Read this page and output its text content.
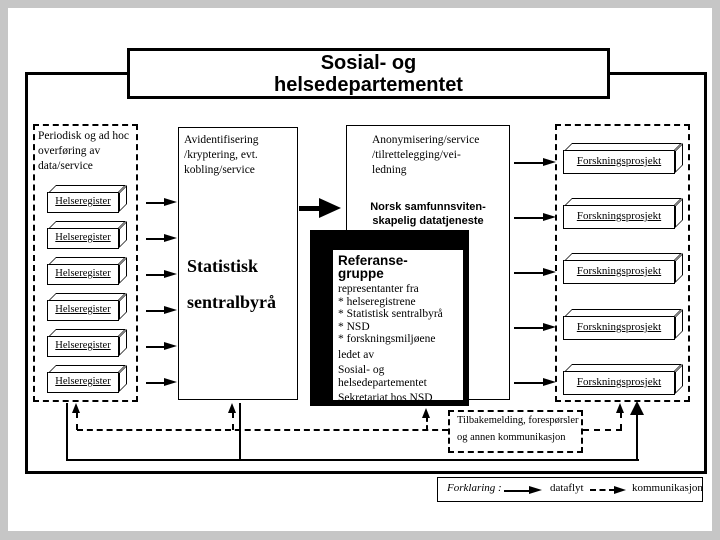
Sosial- og
helsedepartementet
Periodisk og ad hoc
overføring av
data/service
Helseregister
Helseregister
Helseregister
Helseregister
Helseregister
Helseregister
Avidentifisering
/kryptering, evt.
kobling/service
Statistisk
sentralbyrå
Anonymisering/service
/tilrettelegging/vei-
ledning
Norsk samfunnsviten-
skapelig datatjeneste
Referanse-
gruppe
representanter fra
* helseregistrene
* Statistisk sentralbyrå
* NSD
* forskningsmiljøene
ledet av
Sosial- og
helsedepartementet
Sekretariat hos NSD
Forskningsprosjekt
Forskningsprosjekt
Forskningsprosjekt
Forskningsprosjekt
Forskningsprosjekt
Tilbakemelding, forespørsler
og annen kommunikasjon
Forklaring :	dataflyt	kommunikasjon
